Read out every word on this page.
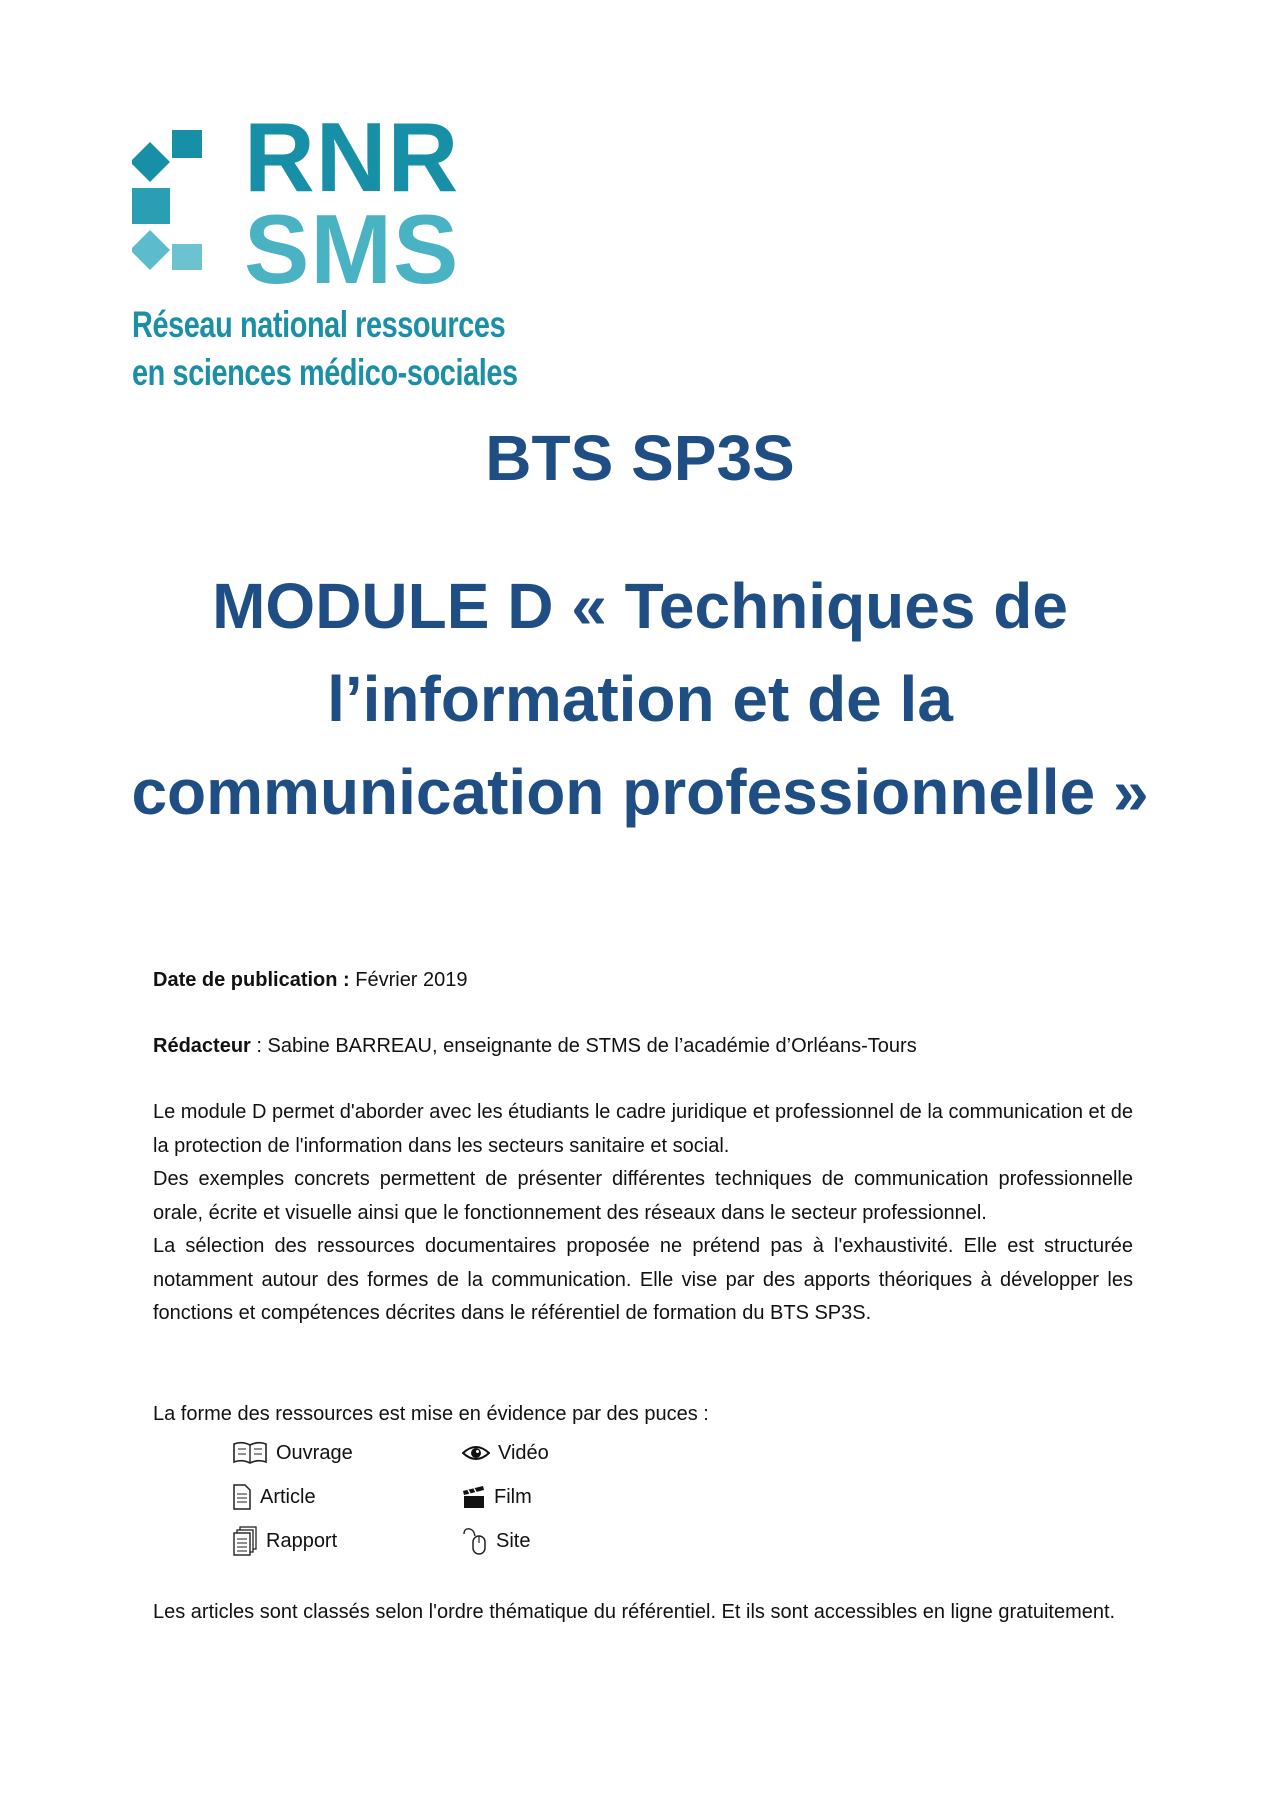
RNR
SMS
Réseau national ressources
en sciences médico-sociales
BTS SP3S
MODULE D « Techniques de l’information et de la communication professionnelle »
Date de publication : Février 2019
Rédacteur : Sabine BARREAU, enseignante de STMS de l’académie d’Orléans-Tours

Le module D permet d'aborder avec les étudiants le cadre juridique et professionnel de la communication et de la protection de l'information dans les secteurs sanitaire et social.

Des exemples concrets permettent de présenter différentes techniques de communication professionnelle orale, écrite et visuelle ainsi que le fonctionnement des réseaux dans le secteur professionnel.

La sélection des ressources documentaires proposée ne prétend pas à l'exhaustivité. Elle est structurée notamment autour des formes de la communication. Elle vise par des apports théoriques à développer les fonctions et compétences décrites dans le référentiel de formation du BTS SP3S.

La forme des ressources est mise en évidence par des puces :
Ouvrage
Article
Rapport
Vidéo
Film
Site
Les articles sont classés selon l'ordre thématique du référentiel. Et ils sont accessibles en ligne gratuitement.
